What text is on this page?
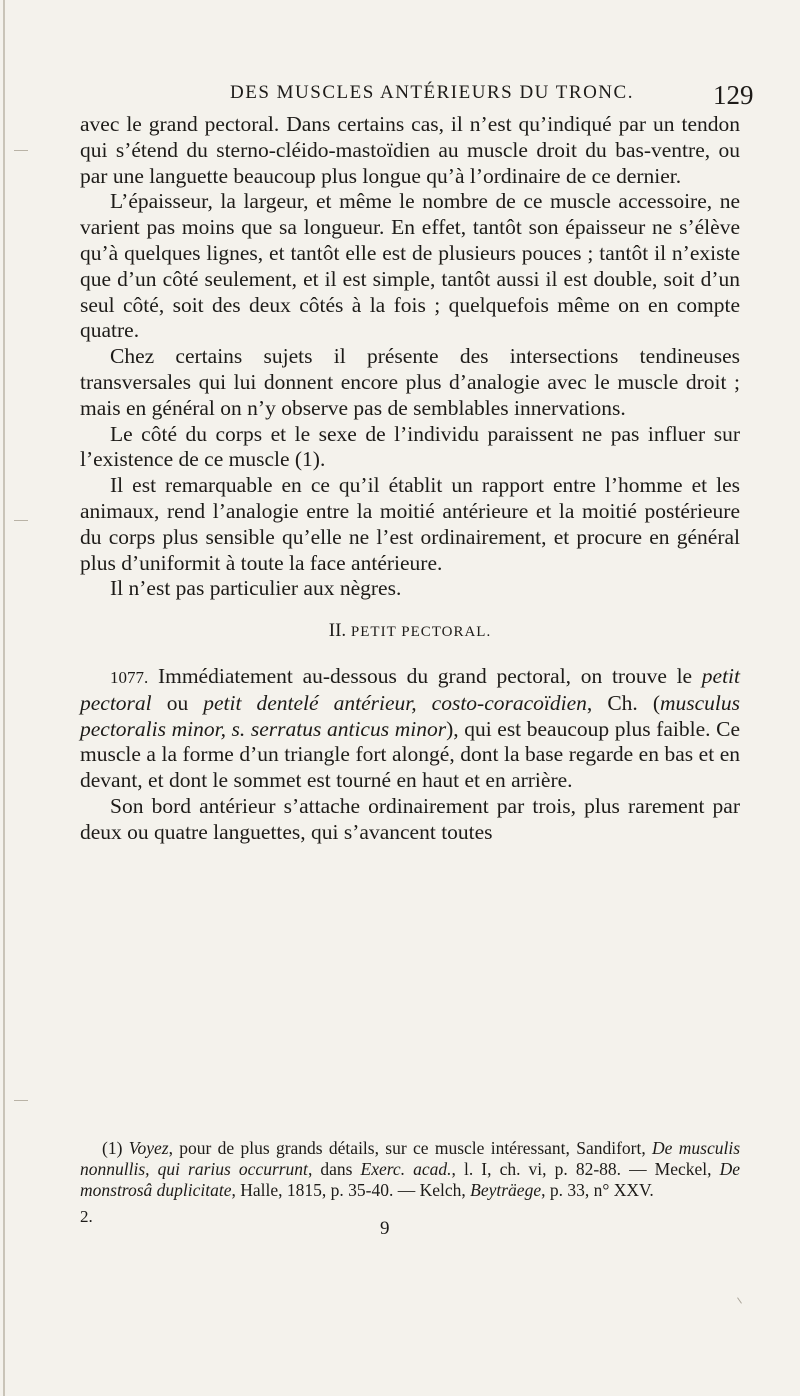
DES MUSCLES ANTÉRIEURS DU TRONC.	129

avec le grand pectoral. Dans certains cas, il n’est qu’indiqué par un tendon qui s’étend du sterno-cléido-mastoïdien au muscle droit du bas-ventre, ou par une languette beaucoup plus longue qu’à l’ordinaire de ce dernier.

L’épaisseur, la largeur, et même le nombre de ce muscle accessoire, ne varient pas moins que sa longueur. En effet, tantôt son épaisseur ne s’élève qu’à quelques lignes, et tantôt elle est de plusieurs pouces ; tantôt il n’existe que d’un côté seulement, et il est simple, tantôt aussi il est double, soit d’un seul côté, soit des deux côtés à la fois ; quelquefois même on en compte quatre.

Chez certains sujets il présente des intersections tendineuses transversales qui lui donnent encore plus d’analogie avec le muscle droit ; mais en général on n’y observe pas de semblables innervations.

Le côté du corps et le sexe de l’individu paraissent ne pas influer sur l’existence de ce muscle (1).

Il est remarquable en ce qu’il établit un rapport entre l’homme et les animaux, rend l’analogie entre la moitié antérieure et la moitié postérieure du corps plus sensible qu’elle ne l’est ordinairement, et procure en général plus d’uniformit à toute la face antérieure.

Il n’est pas particulier aux nègres.

II. PETIT PECTORAL.

1077. Immédiatement au-dessous du grand pectoral, on trouve le petit pectoral ou petit dentelé antérieur, costo-coracoïdien, Ch. (musculus pectoralis minor, s. serratus anticus minor), qui est beaucoup plus faible. Ce muscle a la forme d’un triangle fort alongé, dont la base regarde en bas et en devant, et dont le sommet est tourné en haut et en arrière.

Son bord antérieur s’attache ordinairement par trois, plus rarement par deux ou quatre languettes, qui s’avancent toutes

(1) Voyez, pour de plus grands détails, sur ce muscle intéressant, Sandifort, De musculis nonnullis, qui rarius occurrunt, dans Exerc. acad., l. I, ch. vi, p. 82-88. — Meckel, De monstrosâ duplicitate, Halle, 1815, p. 35-40. — Kelch, Beyträege, p. 33, n° XXV.

2.
9
